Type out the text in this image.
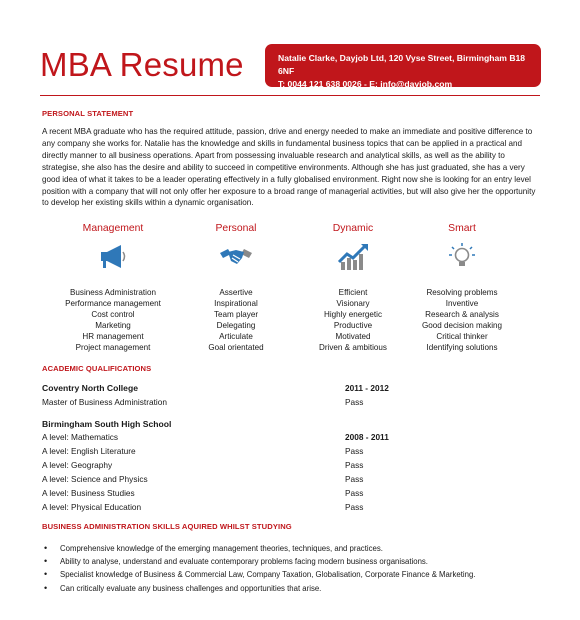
MBA Resume	Natalie Clarke, Dayjob Ltd, 120 Vyse Street, Birmingham B18 6NF
T: 0044 121 638 0026 - E: info@dayjob.com
PERSONAL STATEMENT
A recent MBA graduate who has the required attitude, passion, drive and energy needed to make an immediate and positive difference to any company she works for. Natalie has the knowledge and skills in fundamental business topics that can be applied in a practical and directly manner to all business operations. Apart from possessing invaluable research and analytical skills, as well as the ability to strategise, she also has the desire and ability to succeed in competitive environments. Although she has just graduated, she has a very good idea of what it takes to be a leader operating effectively in a fully globalised environment. Right now she is looking for an entry level position with a company that will not only offer her exposure to a broad range of managerial activities, but will also give her the opportunity to develop her existing skills within a dynamic organisation.
Management
Business Administration
Performance management
Cost control
Marketing
HR management
Project management
Personal
Assertive
Inspirational
Team player
Delegating
Articulate
Goal orientated
Dynamic
Efficient
Visionary
Highly energetic
Productive
Motivated
Driven & ambitious
Smart
Resolving problems
Inventive
Research & analysis
Good decision making
Critical thinker
Identifying solutions
ACADEMIC QUALIFICATIONS
Coventry North College	2011 - 2012
Master of Business Administration	Pass
Birmingham South High School
A level: Mathematics	2008 - 2011
A level: English Literature	Pass
A level: Geography	Pass
A level: Science and Physics	Pass
A level: Business Studies	Pass
A level: Physical Education	Pass
BUSINESS ADMINISTRATION SKILLS AQUIRED WHILST STUDYING
• Comprehensive knowledge of the emerging management theories, techniques, and practices.
• Ability to analyse, understand and evaluate contemporary problems facing modern business organisations.
• Specialist knowledge of Business & Commercial Law, Company Taxation, Globalisation, Corporate Finance & Marketing.
• Can critically evaluate any business challenges and opportunities that arise.
